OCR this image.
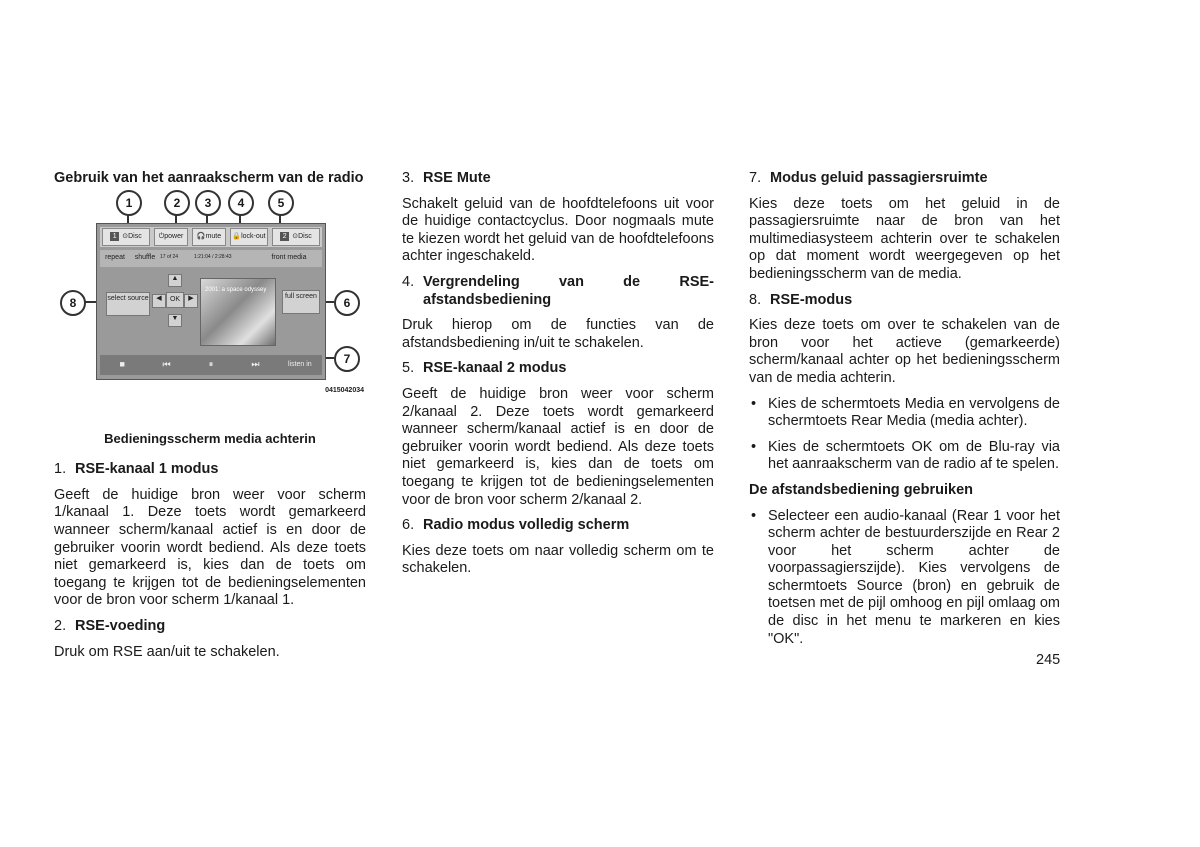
Gebruik van het aanraakscherm van de radio
1 ⊙Disc	⏻power	🎧mute	🔒lock-out	2 ⊙Disc
repeat	shuffle 17 of 24	1:21:04 / 2:28:43	front media
select source
▲
◀	OK	▶
▼
2001: a space odyssey
full screen
■	⏮	⏸	⏭	listen in
1	2	3	4	5
6
7
8
0415042034
Bedieningsscherm media achterin
1. RSE-kanaal 1 modus

Geeft de huidige bron weer voor scherm 1/kanaal 1. Deze toets wordt gemarkeerd wanneer scherm/kanaal actief is en door de gebruiker voorin wordt bediend. Als deze toets niet gemarkeerd is, kies dan de toets om toegang te krijgen tot de bedieningselementen voor de bron voor scherm 1/kanaal 1.

2. RSE-voeding

Druk om RSE aan/uit te schakelen.

3. RSE Mute

Schakelt geluid van de hoofdtelefoons uit voor de huidige contactcyclus. Door nogmaals mute te kiezen wordt het geluid van de hoofdtelefoons achter ingeschakeld.

4. Vergrendeling van de RSE-
afstandsbediening

Druk hierop om de functies van de afstandsbediening in/uit te schakelen.

5. RSE-kanaal 2 modus

Geeft de huidige bron weer voor scherm 2/kanaal 2. Deze toets wordt gemarkeerd wanneer scherm/kanaal actief is en door de gebruiker voorin wordt bediend. Als deze toets niet gemarkeerd is, kies dan de toets om toegang te krijgen tot de bedieningselementen voor de bron voor scherm 2/kanaal 2.

6. Radio modus volledig scherm

Kies deze toets om naar volledig scherm om te schakelen.

7. Modus geluid passagiersruimte

Kies deze toets om het geluid in de passagiersruimte naar de bron van het multimediasysteem achterin over te schakelen op dat moment wordt weergegeven op het bedieningsscherm van de media.

8. RSE-modus

Kies deze toets om over te schakelen van de bron voor het actieve (gemarkeerde) scherm/kanaal achter op het bedieningsscherm van de media achterin.

• Kies de schermtoets Media en vervolgens de schermtoets Rear Media (media achter).
• Kies de schermtoets OK om de Blu-ray via het aanraakscherm van de radio af te spelen.
De afstandsbediening gebruiken
• Selecteer een audio-kanaal (Rear 1 voor het scherm achter de bestuurderszijde en Rear 2 voor het scherm achter de voorpassagierszijde). Kies vervolgens de schermtoets Source (bron) en gebruik de toetsen met de pijl omhoog en pijl omlaag om de disc in het menu te markeren en kies "OK".
245
